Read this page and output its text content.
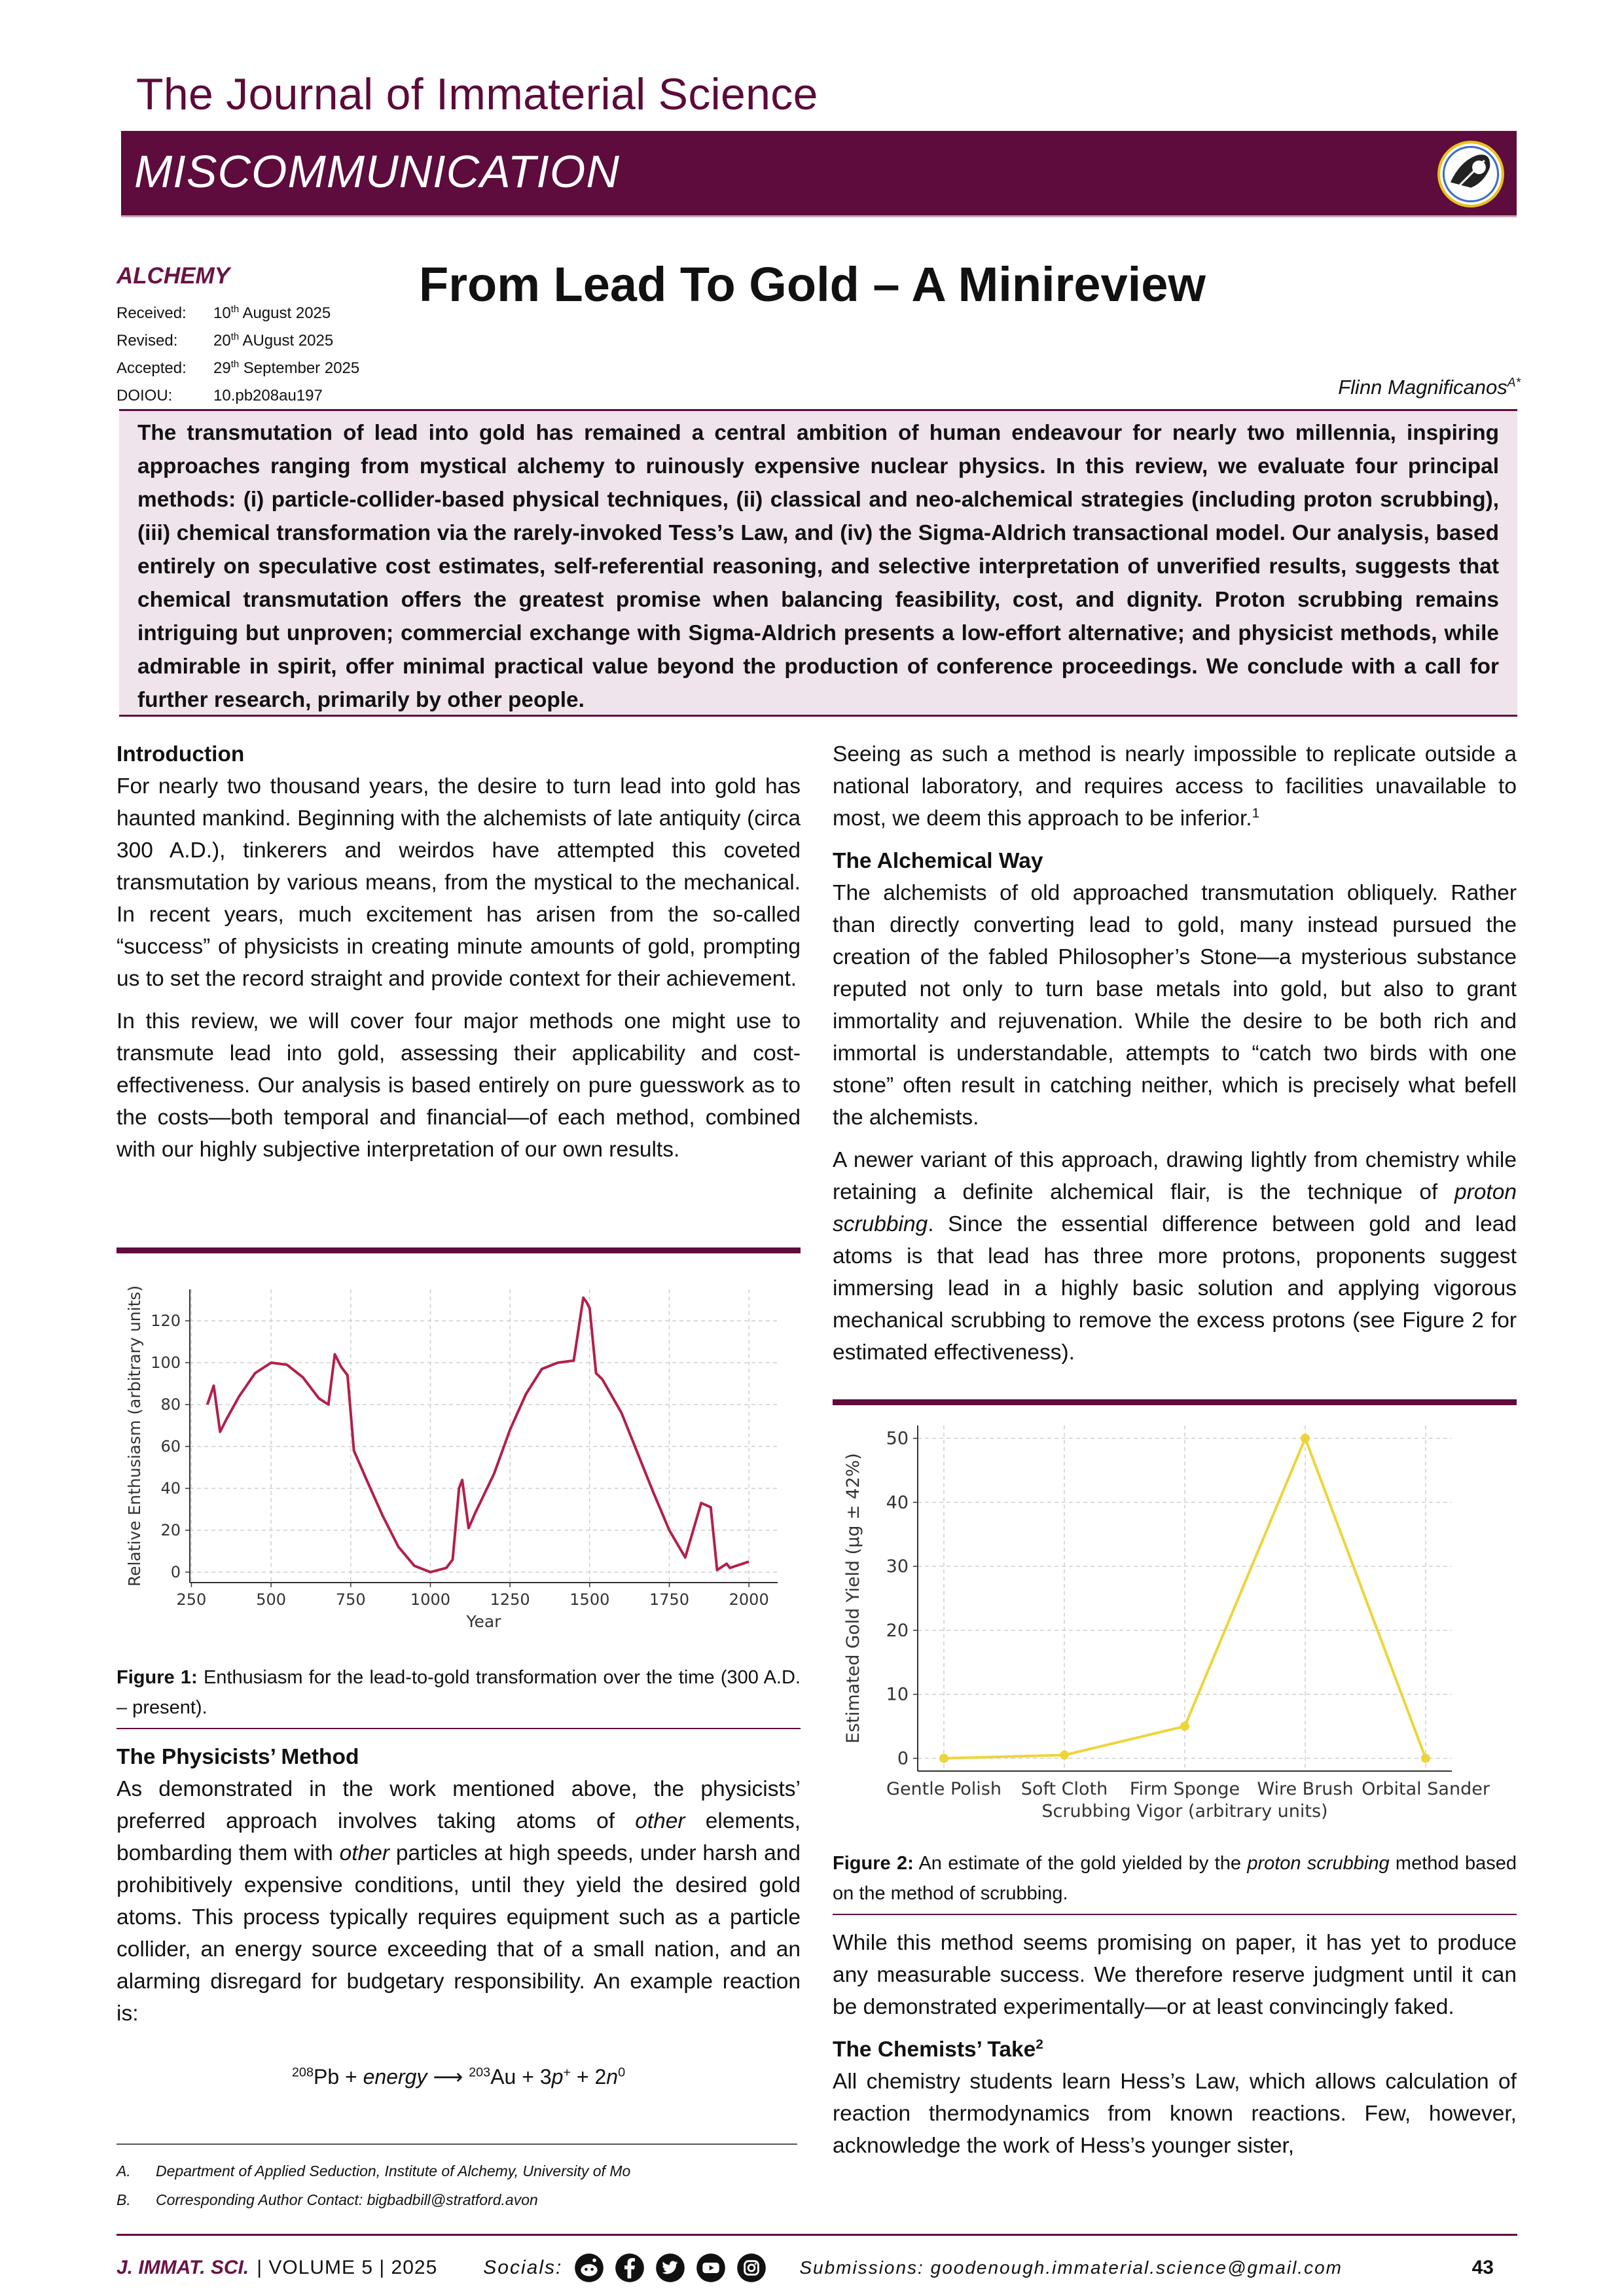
The Journal of Immaterial Science
MISCOMMUNICATION
ALCHEMY
Received:	10th August 2025
Revised:	20th AUgust 2025
Accepted:	29th September 2025
DOIOU:	10.pb208au197
From Lead To Gold – A Minireview
Flinn Magnificanos$^{A*}$

The transmutation of lead into gold has remained a central ambition of human endeavour for nearly two millennia, inspiring approaches ranging from mystical alchemy to ruinously expensive nuclear physics. In this review, we evaluate four principal methods: (i) particle-collider-based physical techniques, (ii) classical and neo-alchemical strategies (including proton scrubbing), (iii) chemical transformation via the rarely-invoked Tess’s Law, and (iv) the Sigma-Aldrich transactional model. Our analysis, based entirely on speculative cost estimates, self-referential reasoning, and selective interpretation of unverified results, suggests that chemical transmutation offers the greatest promise when balancing feasibility, cost, and dignity. Proton scrubbing remains intriguing but unproven; commercial exchange with Sigma-Aldrich presents a low-effort alternative; and physicist methods, while admirable in spirit, offer minimal practical value beyond the production of conference proceedings. We conclude with a call for further research, primarily by other people.

Introduction

For nearly two thousand years, the desire to turn lead into gold has haunted mankind. Beginning with the alchemists of late antiquity (circa 300 A.D.), tinkerers and weirdos have attempted this coveted transmutation by various means, from the mystical to the mechanical. In recent years, much excitement has arisen from the so-called “success” of physicists in creating minute amounts of gold, prompting us to set the record straight and provide context for their achievement.

In this review, we will cover four major methods one might use to transmute lead into gold, assessing their applicability and cost-effectiveness. Our analysis is based entirely on pure guesswork as to the costs—both temporal and financial—of each method, combined with our highly subjective interpretation of our own results.

0
20
40
60
80
100
120
250	500	750	1000	1250	1500	1750	2000
Year
Relative Enthusiasm (arbitrary units)
Figure 1: Enthusiasm for the lead-to-gold transformation over the time (300 A.D. – present).
The Physicists’ Method

As demonstrated in the work mentioned above, the physicists’ preferred approach involves taking atoms of other elements, bombarding them with other particles at high speeds, under harsh and prohibitively expensive conditions, until they yield the desired gold atoms. This process typically requires equipment such as a particle collider, an energy source exceeding that of a small nation, and an alarming disregard for budgetary responsibility. An example reaction is:

$^{208}$Pb + energy ⟶ $^{203}Au + 3p^+ + 2n^0$
A.	Department of Applied Seduction, Institute of Alchemy, University of Mo
B.	Corresponding Author Contact: bigbadbill@stratford.avon

Seeing as such a method is nearly impossible to replicate outside a national laboratory, and requires access to facilities unavailable to most, we deem this approach to be inferior.$^1$

The Alchemical Way

The alchemists of old approached transmutation obliquely. Rather than directly converting lead to gold, many instead pursued the creation of the fabled Philosopher’s Stone—a mysterious substance reputed not only to turn base metals into gold, but also to grant immortality and rejuvenation. While the desire to be both rich and immortal is understandable, attempts to “catch two birds with one stone” often result in catching neither, which is precisely what befell the alchemists.

A newer variant of this approach, drawing lightly from chemistry while retaining a definite alchemical flair, is the technique of proton scrubbing. Since the essential difference between gold and lead atoms is that lead has three more protons, proponents suggest immersing lead in a highly basic solution and applying vigorous mechanical scrubbing to remove the excess protons (see Figure 2 for estimated effectiveness).

0
10
20
30
40
50
Gentle Polish Soft Cloth Firm Sponge Wire Brush Orbital Sander
Scrubbing Vigor (arbitrary units)
Estimated Gold Yield (μg ± 42%)
Figure 2: An estimate of the gold yielded by the proton scrubbing method based on the method of scrubbing.

While this method seems promising on paper, it has yet to produce any measurable success. We therefore reserve judgment until it can be demonstrated experimentally—or at least convincingly faked.

The Chemists’ Take$^2$

All chemistry students learn Hess’s Law, which allows calculation of reaction thermodynamics from known reactions. Few, however, acknowledge the work of Hess’s younger sister,

J. IMMAT. SCI. | VOLUME 5 | 2025 Socials:	Submissions: goodenough.immaterial.science@gmail.com	43
